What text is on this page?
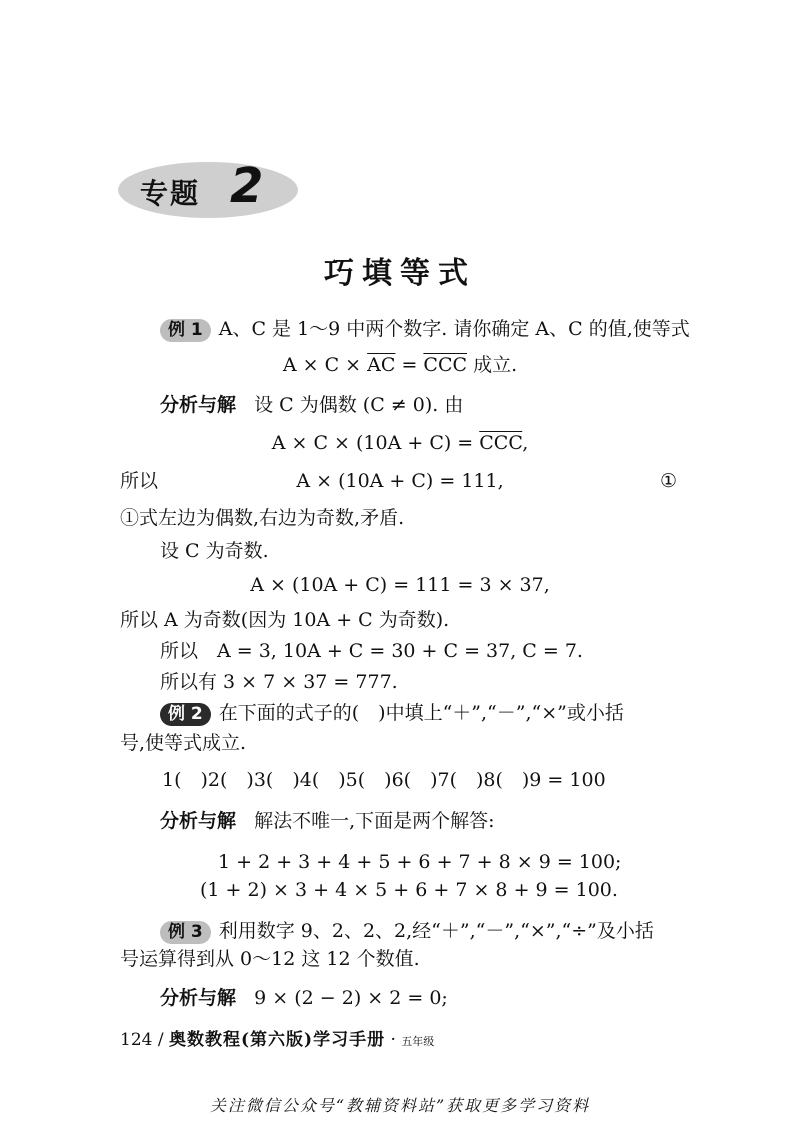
专题 2
巧填等式
例 1 A、C 是 1～9 中两个数字. 请你确定 A、C 的值,使等式
$A \times C \times \overline{AC} = \overline{CCC}$ 成立.
分析与解 设 C 为偶数 (C ≠ 0). 由
$A \times C \times (10A + C) = \overline{CCC}$,
所以	A × (10A + C) = 111,	①
①式左边为偶数,右边为奇数,矛盾.
设 C 为奇数.
A × (10A + C) = 111 = 3 × 37,
所以 A 为奇数(因为 10A + C 为奇数).
所以　A = 3, 10A + C = 30 + C = 37, C = 7.
所以有 3 × 7 × 37 = 777.
例 2 在下面的式子的(　)中填上“＋”,“－”,“×”或小括
号,使等式成立.
1(　)2(　)3(　)4(　)5(　)6(　)7(　)8(　)9 = 100
分析与解 解法不唯一,下面是两个解答:
1 + 2 + 3 + 4 + 5 + 6 + 7 + 8 × 9 = 100;
(1 + 2) × 3 + 4 × 5 + 6 + 7 × 8 + 9 = 100.
例 3 利用数字 9、2、2、2,经“＋”,“－”,“×”,“÷”及小括
号运算得到从 0～12 这 12 个数值.
分析与解 9 × (2 − 2) × 2 = 0;
124 / 奥数教程(第六版)学习手册 · 五年级
关注微信公众号“教辅资料站”获取更多学习资料
